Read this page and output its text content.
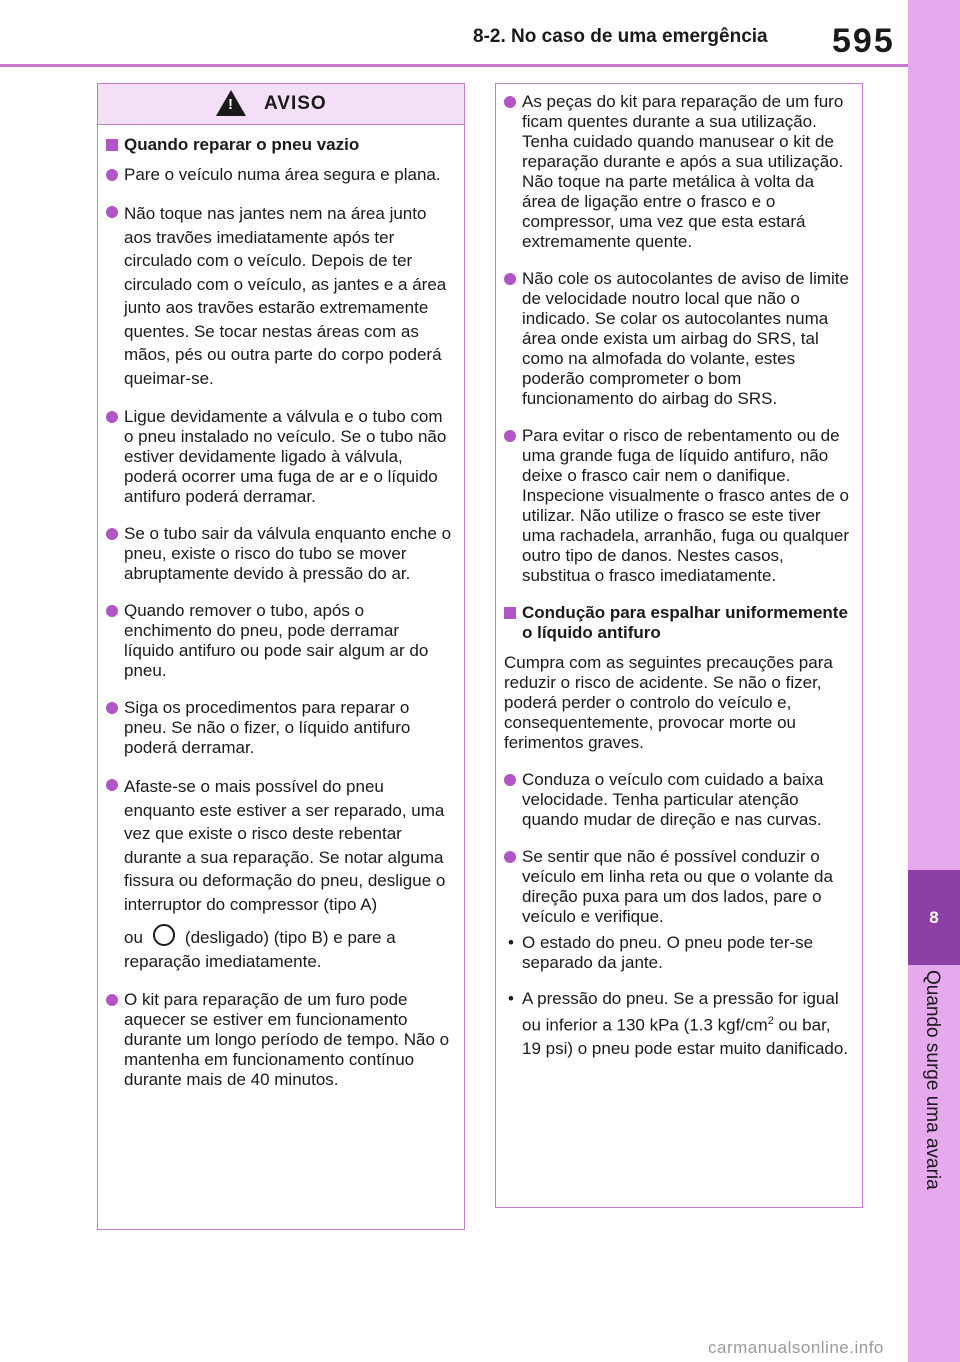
8-2. No caso de uma emergência 595
8
Quando surge uma avaria
! AVISO
Quando reparar o pneu vazio
Pare o veículo numa área segura e plana.
Não toque nas jantes nem na área junto aos travões imediatamente após ter circulado com o veículo. Depois de ter circulado com o veículo, as jantes e a área junto aos travões estarão extremamente quentes. Se tocar nestas áreas com as mãos, pés ou outra parte do corpo poderá queimar-se.
Ligue devidamente a válvula e o tubo com o pneu instalado no veículo. Se o tubo não estiver devidamente ligado à válvula, poderá ocorrer uma fuga de ar e o líquido antifuro poderá derramar.
Se o tubo sair da válvula enquanto enche o pneu, existe o risco do tubo se mover abruptamente devido à pressão do ar.
Quando remover o tubo, após o enchimento do pneu, pode derramar líquido antifuro ou pode sair algum ar do pneu.
Siga os procedimentos para reparar o pneu. Se não o fizer, o líquido antifuro poderá derramar.
Afaste-se o mais possível do pneu enquanto este estiver a ser reparado, uma vez que existe o risco deste rebentar durante a sua reparação. Se notar alguma fissura ou deformação do pneu, desligue o interruptor do compressor (tipo A)
ou (desligado) (tipo B) e pare a reparação imediatamente.
O kit para reparação de um furo pode aquecer se estiver em funcionamento durante um longo período de tempo. Não o mantenha em funcionamento contínuo durante mais de 40 minutos.
As peças do kit para reparação de um furo ficam quentes durante a sua utilização. Tenha cuidado quando manusear o kit de reparação durante e após a sua utilização. Não toque na parte metálica à volta da área de ligação entre o frasco e o compressor, uma vez que esta estará extremamente quente.
Não cole os autocolantes de aviso de limite de velocidade noutro local que não o indicado. Se colar os autocolantes numa área onde exista um airbag do SRS, tal como na almofada do volante, estes poderão comprometer o bom funcionamento do airbag do SRS.
Para evitar o risco de rebentamento ou de uma grande fuga de líquido antifuro, não deixe o frasco cair nem o danifique. Inspecione visualmente o frasco antes de o utilizar. Não utilize o frasco se este tiver uma rachadela, arranhão, fuga ou qualquer outro tipo de danos. Nestes casos, substitua o frasco imediatamente.
Condução para espalhar uniformemente o líquido antifuro
Cumpra com as seguintes precauções para reduzir o risco de acidente. Se não o fizer, poderá perder o controlo do veículo e, consequentemente, provocar morte ou ferimentos graves.
Conduza o veículo com cuidado a baixa velocidade. Tenha particular atenção quando mudar de direção e nas curvas.
Se sentir que não é possível conduzir o veículo em linha reta ou que o volante da direção puxa para um dos lados, pare o veículo e verifique.
• O estado do pneu. O pneu pode ter-se separado da jante.
• A pressão do pneu. Se a pressão for igual ou inferior a 130 kPa (1.3 kgf/$cm^2$ ou bar, 19 psi) o pneu pode estar muito danificado.
carmanualsonline.info
